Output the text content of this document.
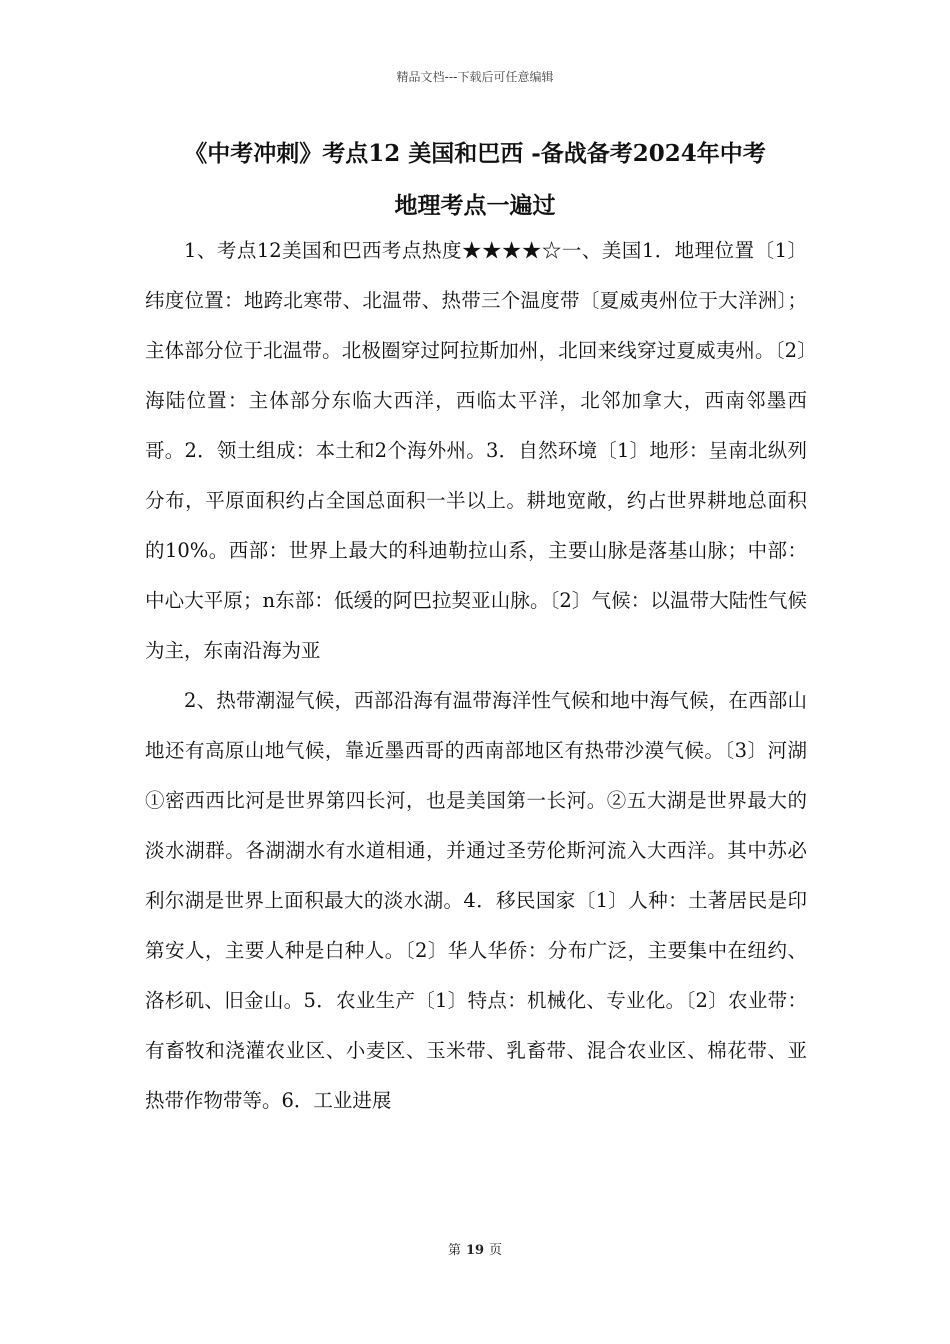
精品文档---下载后可任意编辑
《中考冲刺》考点12 美国和巴西 -备战备考2024年中考
地理考点一遍过

1、考点12美国和巴西考点热度★★★★☆一、美国1．地理位置〔1〕纬度位置：地跨北寒带、北温带、热带三个温度带〔夏威夷州位于大洋洲〕；主体部分位于北温带。北极圈穿过阿拉斯加州，北回来线穿过夏威夷州。〔2〕海陆位置：主体部分东临大西洋，西临太平洋，北邻加拿大，西南邻墨西哥。2．领土组成：本土和2个海外州。3．自然环境〔1〕地形：呈南北纵列分布，平原面积约占全国总面积一半以上。耕地宽敞，约占世界耕地总面积的10%。西部：世界上最大的科迪勒拉山系，主要山脉是落基山脉；中部：中心大平原；n东部：低缓的阿巴拉契亚山脉。〔2〕气候：以温带大陆性气候为主，东南沿海为亚

2、热带潮湿气候，西部沿海有温带海洋性气候和地中海气候，在西部山地还有高原山地气候，靠近墨西哥的西南部地区有热带沙漠气候。〔3〕河湖①密西西比河是世界第四长河，也是美国第一长河。②五大湖是世界最大的淡水湖群。各湖湖水有水道相通，并通过圣劳伦斯河流入大西洋。其中苏必利尔湖是世界上面积最大的淡水湖。4．移民国家〔1〕人种：土著居民是印第安人，主要人种是白种人。〔2〕华人华侨：分布广泛，主要集中在纽约、洛杉矶、旧金山。5．农业生产〔1〕特点：机械化、专业化。〔2〕农业带：有畜牧和浇灌农业区、小麦区、玉米带、乳畜带、混合农业区、棉花带、亚热带作物带等。6．工业进展

第 19 页
